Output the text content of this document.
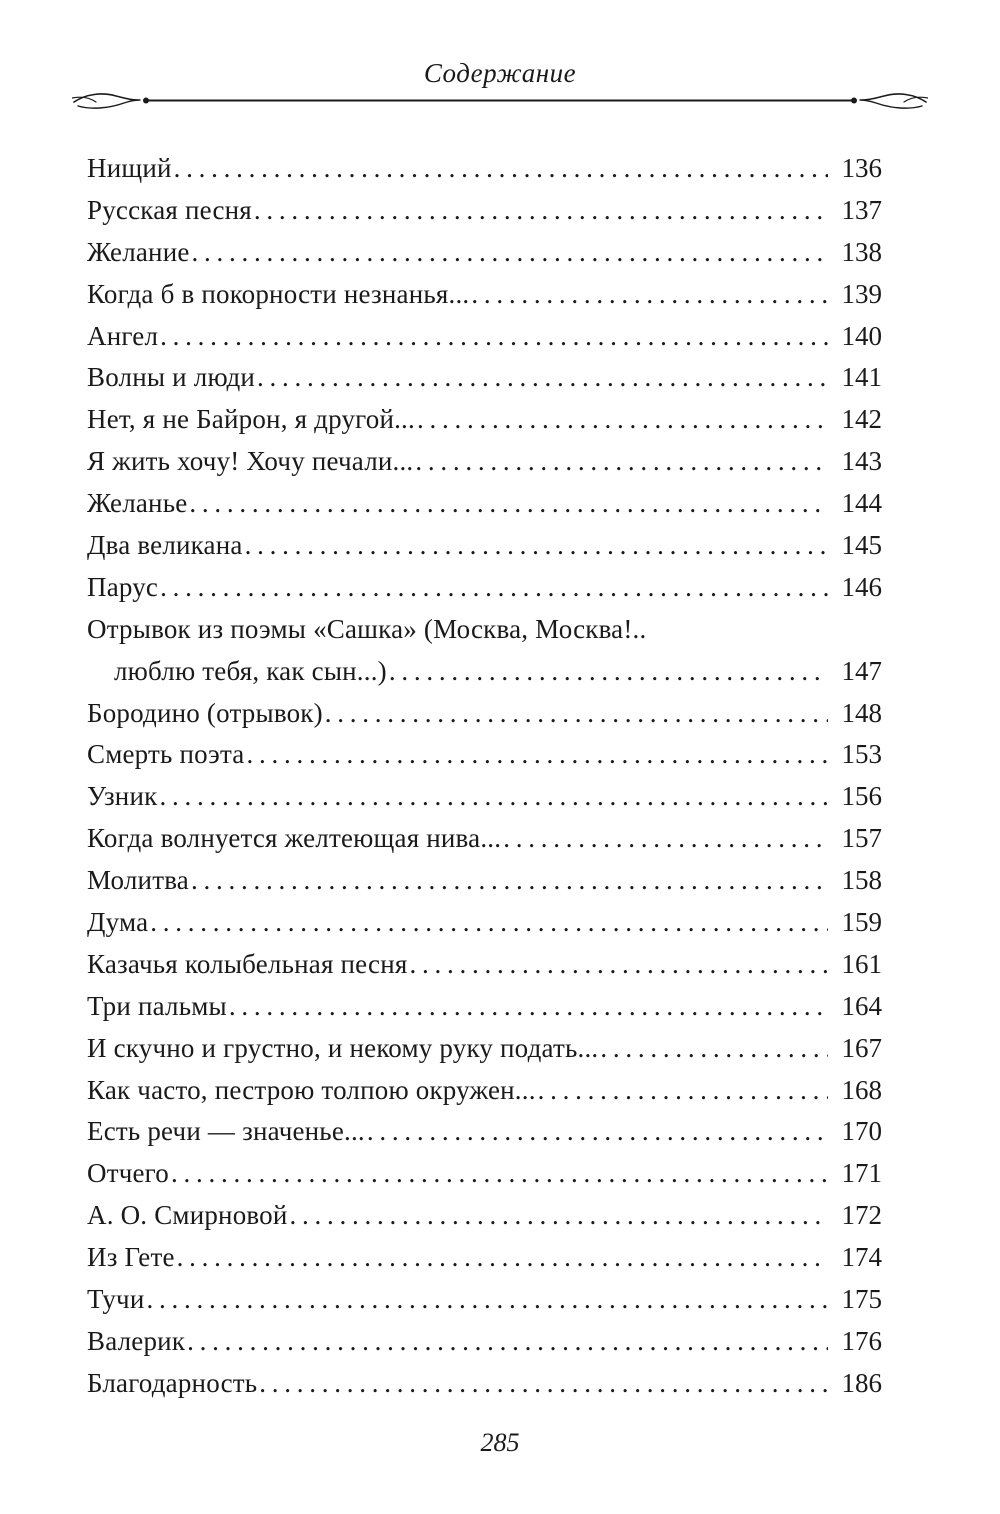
Содержание
Нищий . . .	136
Русская песня . . .	137
Желание . . .	138
Когда б в покорности незнанья... . . .	139
Ангел . . .	140
Волны и люди . . .	141
Нет, я не Байрон, я другой... . . .	142
Я жить хочу! Хочу печали... . . .	143
Желанье . . .	144
Два великана . . .	145
Парус . . .	146
Отрывок из поэмы «Сашка» (Москва, Москва!..
люблю тебя, как сын...) . . .	147
Бородино (отрывок) . . .	148
Смерть поэта . . .	153
Узник . . .	156
Когда волнуется желтеющая нива... . . .	157
Молитва . . .	158
Дума . . .	159
Казачья колыбельная песня . . .	161
Три пальмы . . .	164
И скучно и грустно, и некому руку подать... . . .	167
Как часто, пестрою толпою окружен... . . .	168
Есть речи — значенье... . . .	170
Отчего . . .	171
А. О. Смирновой . . .	172
Из Гете . . .	174
Тучи . . .	175
Валерик . . .	176
Благодарность . . .	186
285
